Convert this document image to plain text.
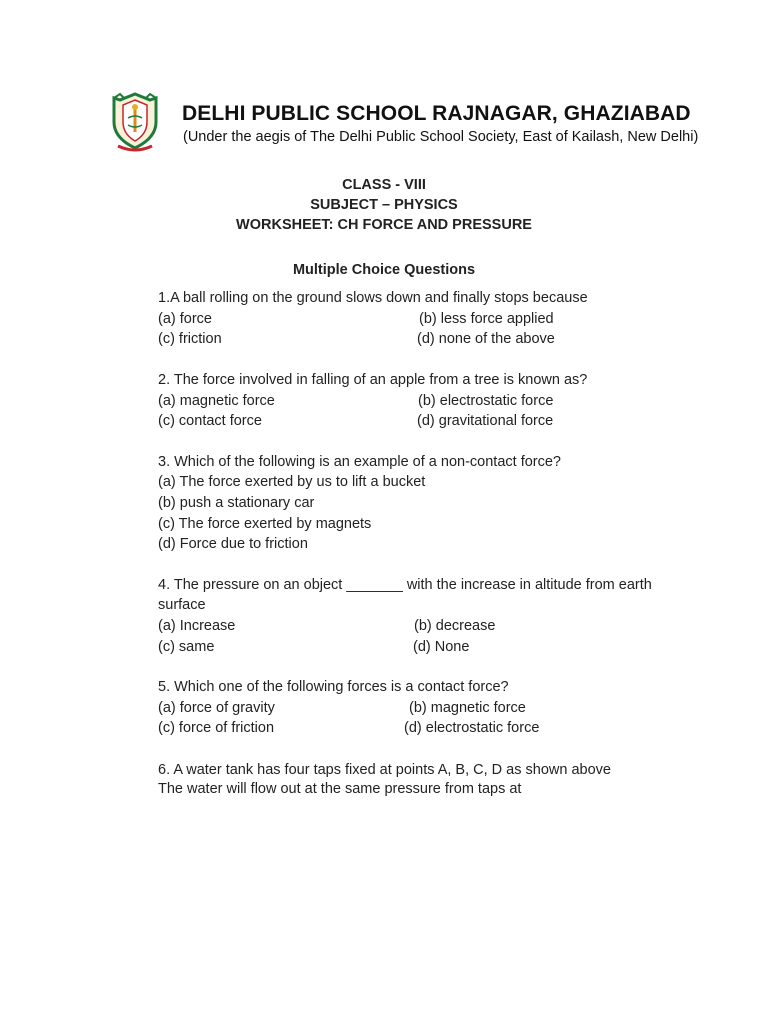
DELHI PUBLIC SCHOOL RAJNAGAR, GHAZIABAD
(Under the aegis of The Delhi Public School Society, East of Kailash, New Delhi)
CLASS - VIII
SUBJECT – PHYSICS
WORKSHEET: CH FORCE AND PRESSURE
Multiple Choice Questions
1.A ball rolling on the ground slows down and finally stops because
(a) force	(b) less force applied
(c) friction	(d) none of the above
2. The force involved in falling of an apple from a tree is known as?
(a) magnetic force	(b) electrostatic force
(c) contact force	(d) gravitational force
3. Which of the following is an example of a non-contact force?
(a) The force exerted by us to lift a bucket
(b) push a stationary car
(c) The force exerted by magnets
(d) Force due to friction
4. The pressure on an object _______ with the increase in altitude from earth
surface
(a) Increase	(b) decrease
(c) same	(d) None
5. Which one of the following forces is a contact force?
(a) force of gravity	(b) magnetic force
(c) force of friction	(d) electrostatic force
6. A water tank has four taps fixed at points A, B, C, D as shown above
The water will flow out at the same pressure from taps at
